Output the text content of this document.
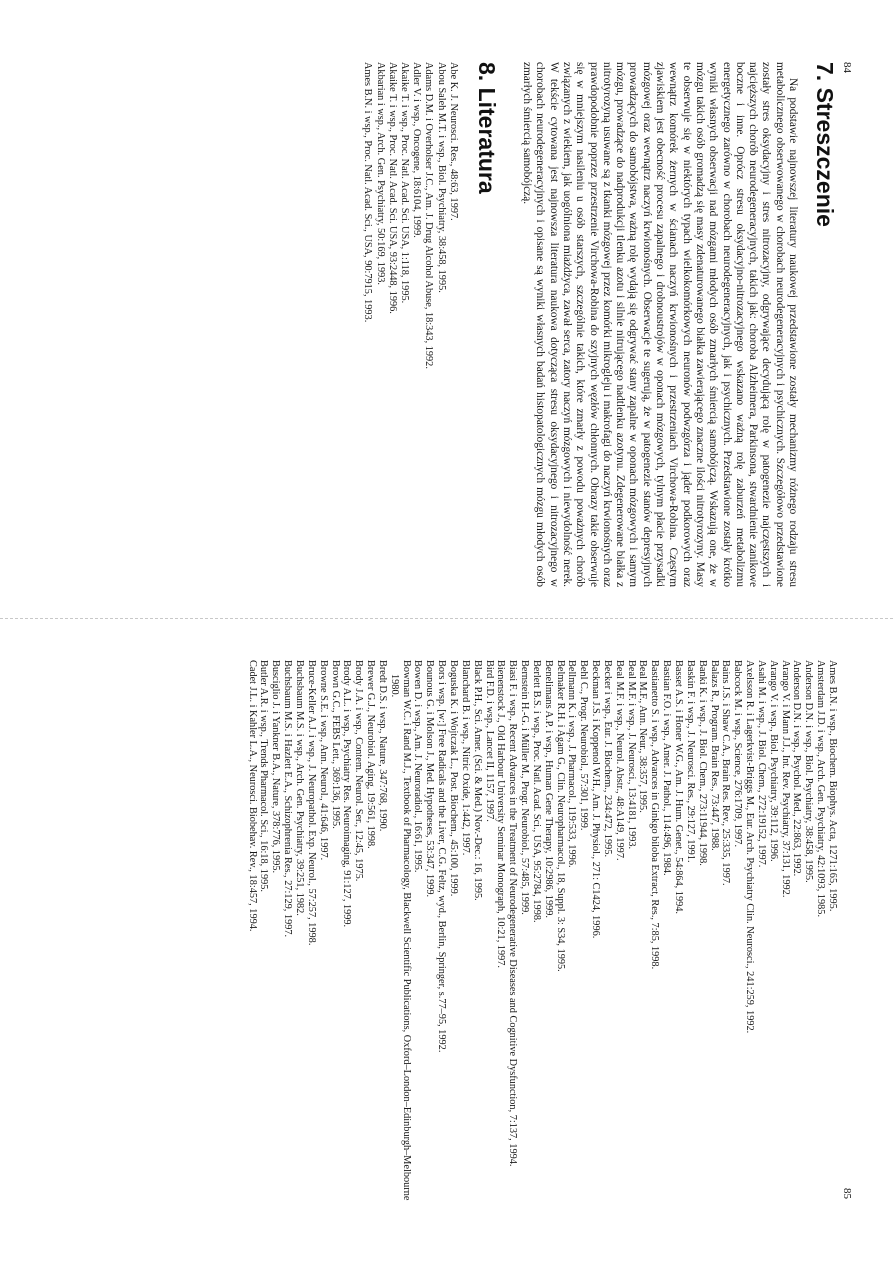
84
85
7. Streszczenie

Na podstawie najnowszej literatury naukowej przedstawione zostały mechanizmy różnego rodzaju stresu metabolicznego obserwowanego w chorobach neurodegeneracyjnych i psychicznych. Szczegółowo przedstawione zostały stres oksydacyjny i stres nitrozacyjny, odgrywające decydującą rolę w patogenezie najczęstszych i najcięższych chorób neurodegeneracyjnych, takich jak: choroba Alzheimera, Parkinsona, stwardnienie zanikowe boczne i inne. Oprócz stresu oksydacyjno-nitrozacyjnego wskazano ważną rolę zaburzeń metabolizmu energetycznego zarówno w chorobach neurodegeneracyjnych, jak i psychicznych. Przedstawione zostały krótko wyniki własnych obserwacji nad mózgami młodych osób zmarłych śmiercią samobójczą. Wskazują one, że w mózgu takich osób gromadzą się masy zdenaturowanego białka zawierającego znaczne ilości nitrotyrozyny. Masy te obserwuje się w niektórych typach wielkokomórkowych neuronów podwzgórza i jąder podkorowych oraz wewnątrz komórek żernych w ścianach naczyń krwionośnych i przestrzeniach Virchowa-Robina. Częstym zjawiskiem jest obecność procesu zapalnego i drobnoustrojów w oponach mózgowych, tylnym płacie przysadki mózgowej oraz wewnątrz naczyń krwionośnych. Obserwacje te sugerują, że w patogenezie stanów depresyjnych prowadzących do samobójstwa, ważną rolę wydają się odgrywać stany zapalne w oponach mózgowych i samym mózgu, prowadzące do nadprodukcji tlenku azotu i silnie nitrującego nadtlenku azotynu. Zdegenerowane białka z nitrotyrozyną usuwane są z tkanki mózgowej przez komórki mikrogleju i makrofagi do naczyń krwionośnych oraz prawdopodobnie poprzez przestrzenie Virchowa-Robina do szyjnych węzłów chłonnych. Obrazy takie obserwuje się w mniejszym nasileniu u osób starszych, szczególnie takich, które zmarły z powodu poważnych chorób związanych z wiekiem, jak uogólniona miażdżyca, zawał serca, zatory naczyń mózgowych i niewydolność nerek. W tekście cytowana jest najnowsza literatura naukowa dotycząca stresu oksydacyjnego i nitrozacyjnego w chorobach neurodegeneracyjnych i opisane są wyniki własnych badań histopatologicznych mózgu młodych osób zmarłych śmiercią samobójczą.

8. Literatura
Abe K. J. Neurosci. Res., 48:63, 1997.
Abou Saleh M.T. i wsp., Biol. Psychiatry, 38:458, 1995.
Adams D.M. i Overholser J.C., Am. J. Drug Alcohol Abuse, 18:343, 1992.
Adler V. i wsp., Oncogene, 18:6104, 1999.
Akaike T. i wsp., Proc. Natl. Acad. Sci. USA, 1:118, 1995.
Akaike T. i wsp., Proc. Natl. Acad. Sci. USA, 93:2448, 1996.
Akbarian i wsp., Arch. Gen. Psychiatry, 50:169, 1993.
Ames B.N. i wsp., Proc. Natl. Acad. Sci., USA, 90:7915, 1993.
Ames B.N. i wsp., Biochem. Biophys. Acta, 1271:165, 1995.
Amsterdam J.D. i wsp., Arch. Gen. Psychiatry, 42:1093, 1985.
Anderson D.N. i wsp., Biol. Psychiatry, 38:458, 1995.
Anderson D.N. i wsp., Psychol. Med., 22:863, 1992.
Arango V. i Mann J.J., Int. Rev. Psychiatry, 37:131, 1992.
Arango V. i wsp., Biol. Psychiatry, 39:112, 1996.
Asahi M. i wsp., J. Biol. Chem., 272:19152, 1997.
Axelsson R. i Lagerkvist-Briggs M., Eur. Arch. Psychiatry Clin. Neurosci., 241:259, 1992.
Babcock M. i wsp., Science, 276:1709, 1997.
Bains J.S. i Shaw C.A., Brain Res. Rev., 25:335, 1997.
Balazs R., Program. Brain Res., 73:447, 1988.
Banki K. i wsp., J. Biol. Chem., 273:11944, 1998.
Baskin F. i wsp., J. Neurosci. Res., 29:127, 1991.
Basset A.S. i Honer W.G., Am. J. Hum. Genet., 54:864, 1994.
Bastian F.O. i wsp., Amer. J. Pathol., 114:496, 1984.
Bastianetto S. i wsp., Advances in Ginkgo biloba Extract, Res., 7:85, 1998.
Beal M.F., Ann. Neur., 38:357, 1995.
Beal M.F. i wsp., J. Neurosci., 13:4181, 1993.
Beal M.F. i wsp., Neurol. Abstr., 48:A149, 1997.
Becker i wsp., Eur. J. Biochem., 234:472, 1995.
Beckman J.S. i Koppenol W.H., Am. J. Physiol., 271: C1424, 1996.
Behl C., Progr. Neurobiol., 57:301, 1999.
Bellmann K. i wsp., J. Pharmacol., 119:533, 1996.
Belmaker R.H. i Agam G., Clin. Neuropharmacol., 18, Suppl. 3: S34, 1995.
Benelimans A.P. i wsp., Human Gene Therapy, 10:2986, 1999.
Berlett B.S. i wsp., Proc. Natl. Acad. Sci., USA, 95:2784, 1998.
Bernstein H.-G. i Müller M., Progr. Neurobiol., 57:485, 1999.
Biasi F. i wsp., Recent Advances in the Treatment of Neurodegenerative Diseases and Cognitive Dysfunction, 7:137, 1994.
Bienenstock J., Old Harbour University Seminar Monograph, 10:21, 1997.
Bird F.D. i wsp., Lancet II, 1157, 1997.
Black P.H., Sci. Amer. (Sci. & Med.) Nov.-Dec.: 16, 1995.
Blanchard B. i wsp., Nitric Oxide, 1:442, 1997.
Boguska K. i Wojtczak L., Post. Biochem., 45:100, 1999.
Bors i wsp. [w:] Free Radicals and the Liver, C.G. Feltz, wyd., Berlin, Springer, s.77–95, 1992.
Bounous G. i Molson J., Med. Hypotheses, 53:347, 1999.
Bowen D. i wsp., Am. J. Neuroradiol., 16:61, 1995.
Bowman W.C. i Rand M.J., Textbook of Pharmacology, Blackwell Scientific Publications, Oxford–London–Edinburgh–Melbourne 1980.
Bredt D.S. i wsp., Nature, 347:768, 1990.
Brewer G.J., Neurobiol. Aging, 19:561, 1998.
Brody J.A. i wsp., Contem. Neurol. Ser., 12:45, 1975.
Brody A.L. i wsp., Psychiatry Res. Neuroimaging, 91:127, 1999.
Brown G.C., FEBS Lett., 369:136, 1995.
Browne S.E. i wsp., Ann. Neurol., 41:646, 1997.
Bruce-Keller A.J. i wsp., J. Neuropathol. Exp. Neurol., 57:257, 1998.
Buchsbaum M.S. i wsp., Arch. Gen. Psychiatry, 39:251, 1982.
Buchsbaum M.S. i Hazlett E.A., Schizophrenia Res., 27:129, 1997.
Busciglio J. i Yankner B.A., Nature, 378:776, 1995.
Butler A.R. i wsp., Trends Pharmacol. Sci., 16:18, 1995.
Cadet J.L. i Kahler L.A., Neurosci. Biobehav. Rev., 18:457, 1994.
